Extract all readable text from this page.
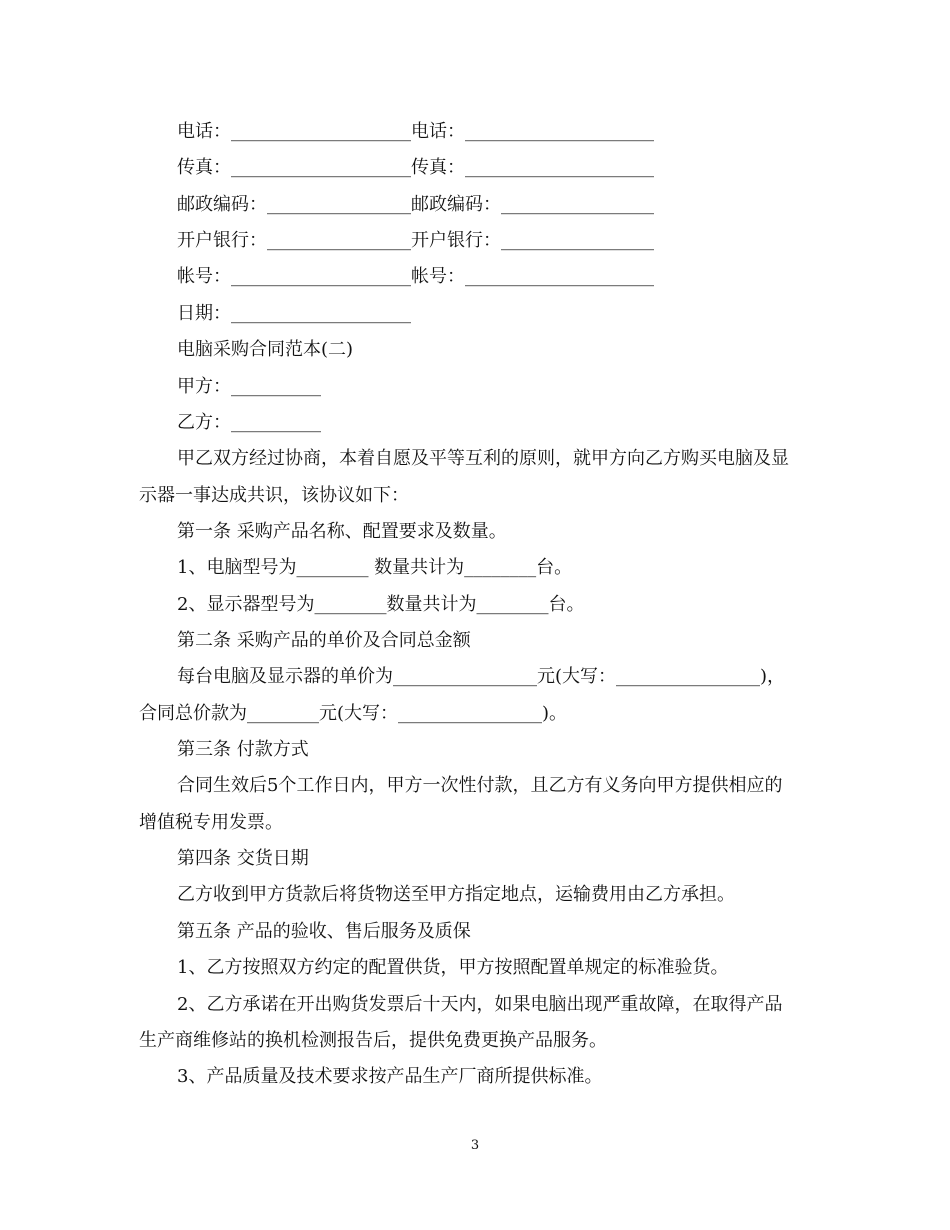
电话：____________________电话：_____________________
传真：____________________传真：_____________________
邮政编码：________________邮政编码：_________________
开户银行：________________开户银行：_________________
帐号：____________________帐号：_____________________
日期：____________________
电脑采购合同范本(二)
甲方：__________
乙方：__________
甲乙双方经过协商，本着自愿及平等互利的原则，就甲方向乙方购买电脑及显
示器一事达成共识，该协议如下：
第一条 采购产品名称、配置要求及数量。
1、电脑型号为________ 数量共计为________台。
2、显示器型号为________数量共计为________台。
第二条 采购产品的单价及合同总金额
每台电脑及显示器的单价为________________元(大写：________________)，
合同总价款为________元(大写：________________)。
第三条 付款方式
合同生效后5个工作日内，甲方一次性付款，且乙方有义务向甲方提供相应的
增值税专用发票。
第四条 交货日期
乙方收到甲方货款后将货物送至甲方指定地点，运输费用由乙方承担。
第五条 产品的验收、售后服务及质保
1、乙方按照双方约定的配置供货，甲方按照配置单规定的标准验货。
2、乙方承诺在开出购货发票后十天内，如果电脑出现严重故障，在取得产品
生产商维修站的换机检测报告后，提供免费更换产品服务。
3、产品质量及技术要求按产品生产厂商所提供标准。
3
